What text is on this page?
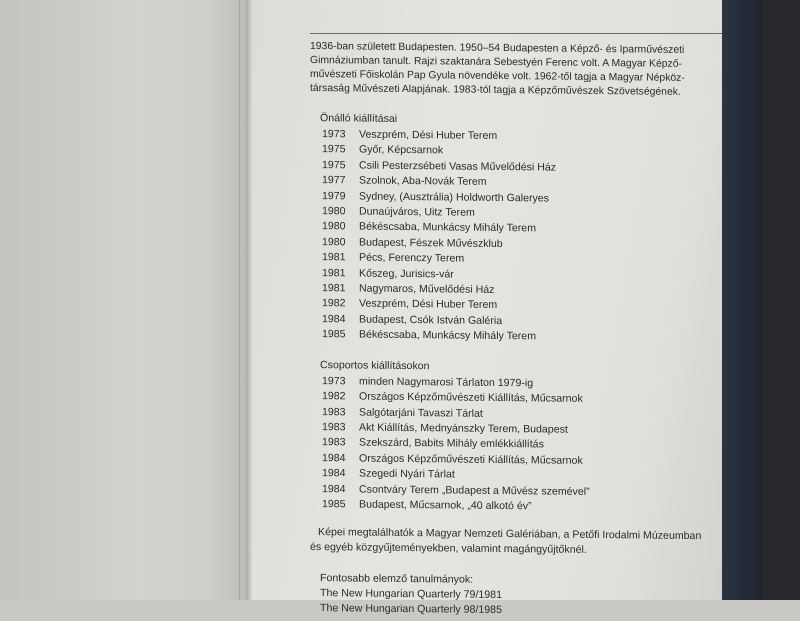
1936-ban született Budapesten. 1950–54 Budapesten a Képző- és Iparművészeti
Gimnáziumban tanult. Rajzi szaktanára Sebestyén Ferenc volt. A Magyar Képző-
művészeti Főiskolán Pap Gyula növendéke volt. 1962-től tagja a Magyar Népköz-
társaság Művészeti Alapjának. 1983-tól tagja a Képzőművészek Szövetségének.

Önálló kiállításai
1973	Veszprém, Dési Huber Terem
1975	Győr, Képcsarnok
1975	Csili Pesterzsébeti Vasas Művelődési Ház
1977	Szolnok, Aba-Novák Terem
1979	Sydney, (Ausztrália) Holdworth Galeryes
1980	Dunaújváros, Uitz Terem
1980	Békéscsaba, Munkácsy Mihály Terem
1980	Budapest, Fészek Művészklub
1981	Pécs, Ferenczy Terem
1981	Kőszeg, Jurisics-vár
1981	Nagymaros, Művelődési Ház
1982	Veszprém, Dési Huber Terem
1984	Budapest, Csók István Galéria
1985	Békéscsaba, Munkácsy Mihály Terem
Csoportos kiállításokon
1973	minden Nagymarosi Tárlaton 1979-ig
1982	Országos Képzőművészeti Kiállítás, Műcsarnok
1983	Salgótarjáni Tavaszi Tárlat
1983	Akt Kiállítás, Mednyánszky Terem, Budapest
1983	Szekszárd, Babits Mihály emlékkiállítás
1984	Országos Képzőművészeti Kiállítás, Műcsarnok
1984	Szegedi Nyári Tárlat
1984	Csontváry Terem „Budapest a Művész szemével”
1985	Budapest, Műcsarnok, „40 alkotó év”

Képei megtalálhatók a Magyar Nemzeti Galériában, a Petőfi Irodalmi Múzeumban
és egyéb közgyűjteményekben, valamint magángyűjtőknél.

Fontosabb elemző tanulmányok:
The New Hungarian Quarterly 79/1981
The New Hungarian Quarterly 98/1985
